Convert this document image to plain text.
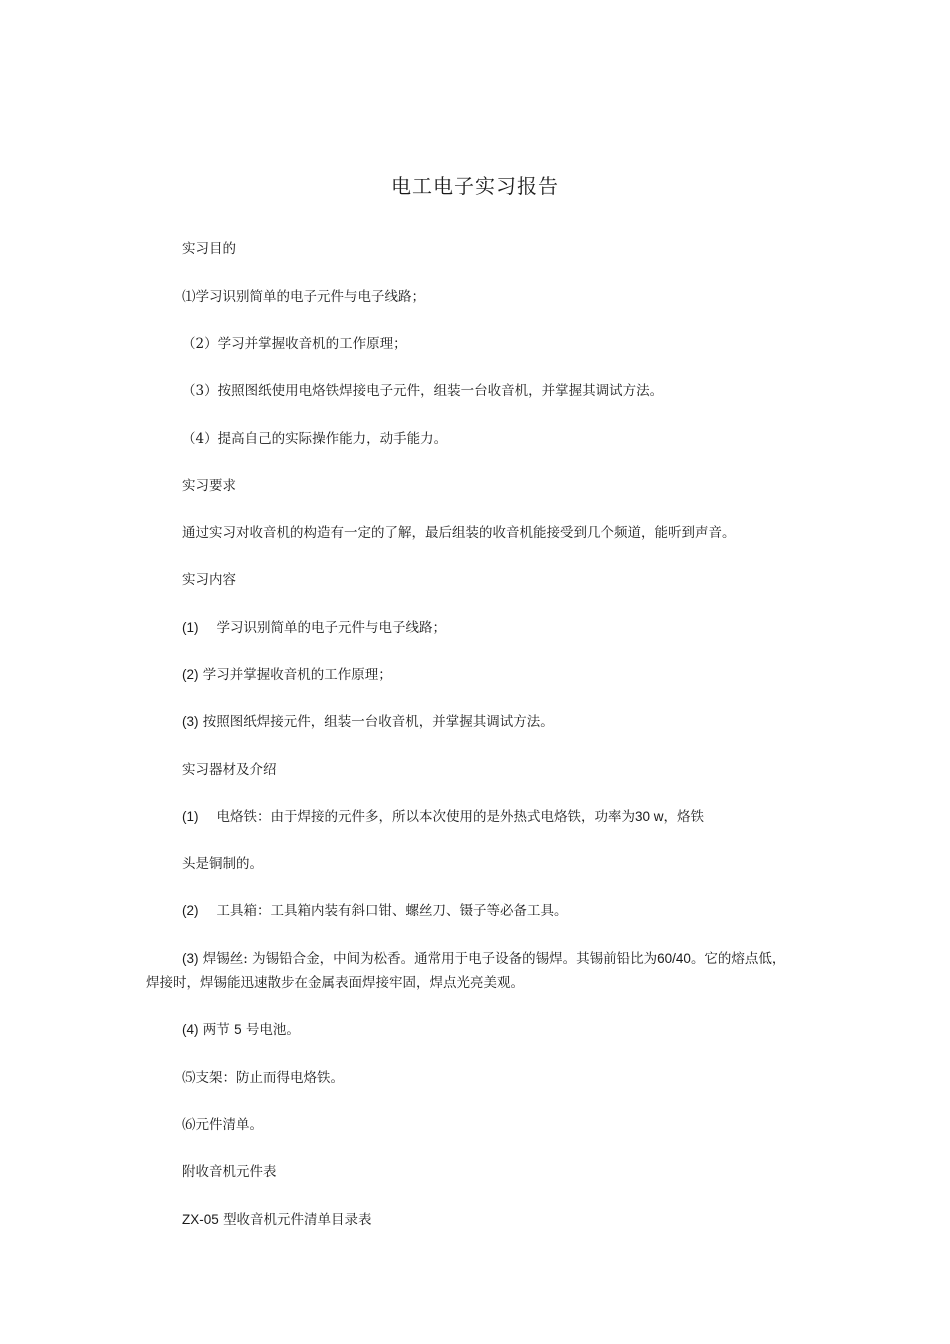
电工电子实习报告
实习目的
⑴学习识别简单的电子元件与电子线路；
（2）学习并掌握收音机的工作原理；
（3）按照图纸使用电烙铁焊接电子元件，组装一台收音机，并掌握其调试方法。
（4）提高自己的实际操作能力，动手能力。
实习要求
通过实习对收音机的构造有一定的了解，最后组装的收音机能接受到几个频道，能听到声音。
实习内容
(1) 学习识别简单的电子元件与电子线路；
(2) 学习并掌握收音机的工作原理；
(3) 按照图纸焊接元件，组装一台收音机，并掌握其调试方法。
实习器材及介绍
(1) 电烙铁：由于焊接的元件多，所以本次使用的是外热式电烙铁，功率为30 w，烙铁
头是铜制的。
(2) 工具箱：工具箱内装有斜口钳、螺丝刀、镊子等必备工具。
(3) 焊锡丝: 为锡铅合金，中间为松香。通常用于电子设备的锡焊。其锡前铅比为60/40。它的熔点低，
焊接时，焊锡能迅速散步在金属表面焊接牢固，焊点光亮美观。
(4) 两节 5 号电池。
⑸支架：防止而得电烙铁。
⑹元件清单。
附收音机元件表
ZX-05 型收音机元件清单目录表
